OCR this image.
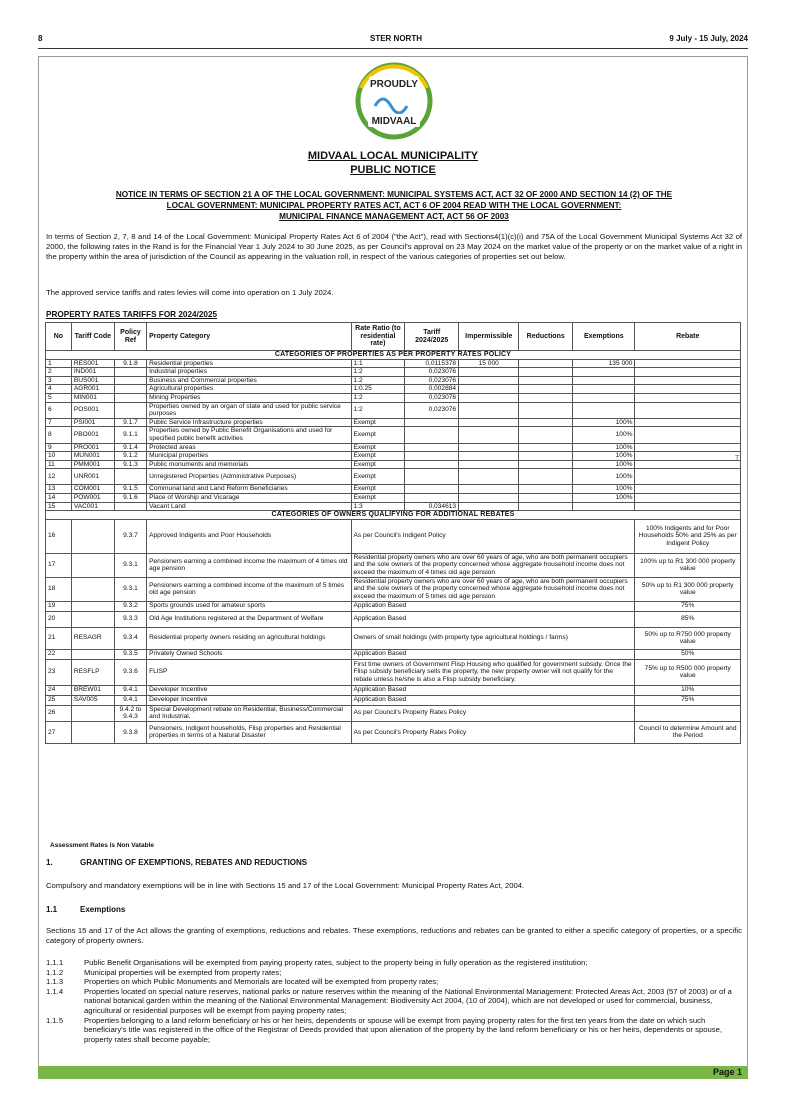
8	STER NORTH	9 July - 15 July, 2024
PROUDLY
MIDVAAL
MIDVAAL LOCAL MUNICIPALITY
PUBLIC NOTICE
NOTICE IN TERMS OF SECTION 21 A OF THE LOCAL GOVERNMENT: MUNICIPAL SYSTEMS ACT, ACT 32 OF 2000 AND SECTION 14 (2) OF THE
LOCAL GOVERNMENT: MUNICIPAL PROPERTY RATES ACT, ACT 6 OF 2004 READ WITH THE LOCAL GOVERNMENT:
MUNICIPAL FINANCE MANAGEMENT ACT, ACT 56 OF 2003
In terms of Section 2, 7, 8 and 14 of the Local Government: Municipal Property Rates Act 6 of 2004 ("the Act"), read with Sections4(1)(c)(i) and 75A of the Local Government Municipal Systems Act 32 of 2000, the following rates in the Rand is for the Financial Year 1 July 2024 to 30 June 2025, as per Council's approval on 23 May 2024 on the market value of the property or on the market value of a right in the property within the area of jurisdiction of the Council as appearing in the valuation roll, in respect of the various categories of properties set out below.
The approved service tariffs and rates levies will come into operation on 1 July 2024.
PROPERTY RATES TARIFFS FOR 2024/2025
No	Tariff Code	Policy Ref	Property Category	Rate Ratio (to residential rate)	Tariff 2024/2025	Impermissible	Reductions	Exemptions	Rebate
CATEGORIES OF PROPERTIES AS PER PROPERTY RATES POLICY									
1	RES001	9.1.8	Residential properties	1:1	0,0115378	15 000		135 000	
2	IND001		Industrial properties	1:2	0,023076				
3	BUS001		Business and Commercial properties	1:2	0,023076				
4	AGR001		Agricultural properties	1:0.25	0,002884				
5	MIN001		Mining Properties	1:2	0,023076				
6	POS001		Properties owned by an organ of state and used for public service purposes	1:2	0,023076				
7	PSI001	9.1.7	Public Service Infrastructure properties	Exempt				100%	
8	PBO001	9.1.1	Properties owned by Public Benefit Organisations and used for specified public benefit activities	Exempt				100%	
9	PRO001	9.1.4	Protected areas	Exempt				100%	
10	MUN001	9.1.2	Municipal properties	Exempt				100%	
11	PMM001	9.1.3	Public monuments and memorials	Exempt				100%	
12	UNR001		Unregistered Properties (Administrative Purposes)	Exempt				100%	
13	COM001	9.1.5	Communal land and Land Reform Beneficiaries	Exempt				100%	
14	POW001	9.1.6	Place of Worship and Vicarage	Exempt				100%	
15	VAC001		Vacant Land	1:3	0,034613				
CATEGORIES OF OWNERS QUALIFYING FOR ADDITIONAL REBATES									
16		9.3.7	Approved Indigents and Poor Households	As per Council's Indigent Policy					100% Indigents and for Poor Households 50% and 25% as per Indigent Policy
17		9.3.1	Pensioners earning a combined income the maximum of 4 times old age pension	Residential property owners who are over 60 years of age, who are both permanent occupiers and the sole owners of the property concerned whose aggregate household income does not exceed the maximum of 4 times old age pension					100% up to R1 300 000 property value
18		9.3.1	Pensioners earning a combined income of the maximum of 5 times old age pension	Residential property owners who are over 60 years of age, who are both permanent occupiers and the sole owners of the property concerned whose aggregate household income does not exceed the maximum of 5 times old age pension					50% up to R1 300 000 property value
19		9.3.2	Sports grounds used for amateur sports	Application Based					75%
20		9.3.3	Old Age Institutions registered at the Department of Welfare	Application Based					85%
21	RESAGR	9.3.4	Residential property owners residing on agricultural holdings	Owners of small holdings (with property type agricultural holdings / farms)					50% up to R750 000 property value
22		9.3.5	Privately Owned Schools	Application Based					50%
23	RESFLP	9.3.6	FLISP	First time owners of Government Flisp Housing who qualified for government subsidy. Once the Flisp subsidy beneficiary sells the property, the new property owner will not qualify for the rebate unless he/she is also a Flisp subsidy beneficiary.					75% up to R500 000 property value
24	BREW01	9.4.1	Developer Incentive	Application Based					10%
25	SAV005	9.4.1	Developer Incentive	Application Based					75%
26		9.4.2 to 9.4.3	Special Development rebate on Residential, Business/Commercial and Industrial.	As per Council's Property Rates Policy					
27		9.3.8	Pensioners, Indigent households, Flisp properties and Residential properties in terms of a Natural Disaster	As per Council's Property Rates Policy					Council to determine Amount and the Period
Assessment Rates is Non Vatable
1.	GRANTING OF EXEMPTIONS, REBATES AND REDUCTIONS
Compulsory and mandatory exemptions will be in line with Sections 15 and 17 of the Local Government: Municipal Property Rates Act, 2004.
1.1	Exemptions
Sections 15 and 17 of the Act allows the granting of exemptions, reductions and rebates. These exemptions, reductions and rebates can be granted to either a specific category of properties, or a specific category of property owners.
1.1.1	Public Benefit Organisations will be exempted from paying property rates, subject to the property being in fully operation as the registered institution;
1.1.2	Municipal properties will be exempted from property rates;
1.1.3	Properties on which Public Monuments and Memorials are located will be exempted from property rates;
1.1.4	Properties located on special nature reserves, national parks or nature reserves within the meaning of the National Environmental Management: Protected Areas Act, 2003 (57 of 2003) or of a national botanical garden within the meaning of the National Environmental Management: Biodiversity Act 2004, (10 of 2004), which are not developed or used for commercial, business, agricultural or residential purposes will be exempt from paying property rates;
1.1.5	Properties belonging to a land reform beneficiary or his or her heirs, dependents or spouse will be exempt from paying property rates for the first ten years from the date on which such beneficiary's title was registered in the office of the Registrar of Deeds provided that upon alienation of the property by the land reform beneficiary or his or her heirs, dependents or spouse, property rates shall become payable;
Page 1
T
